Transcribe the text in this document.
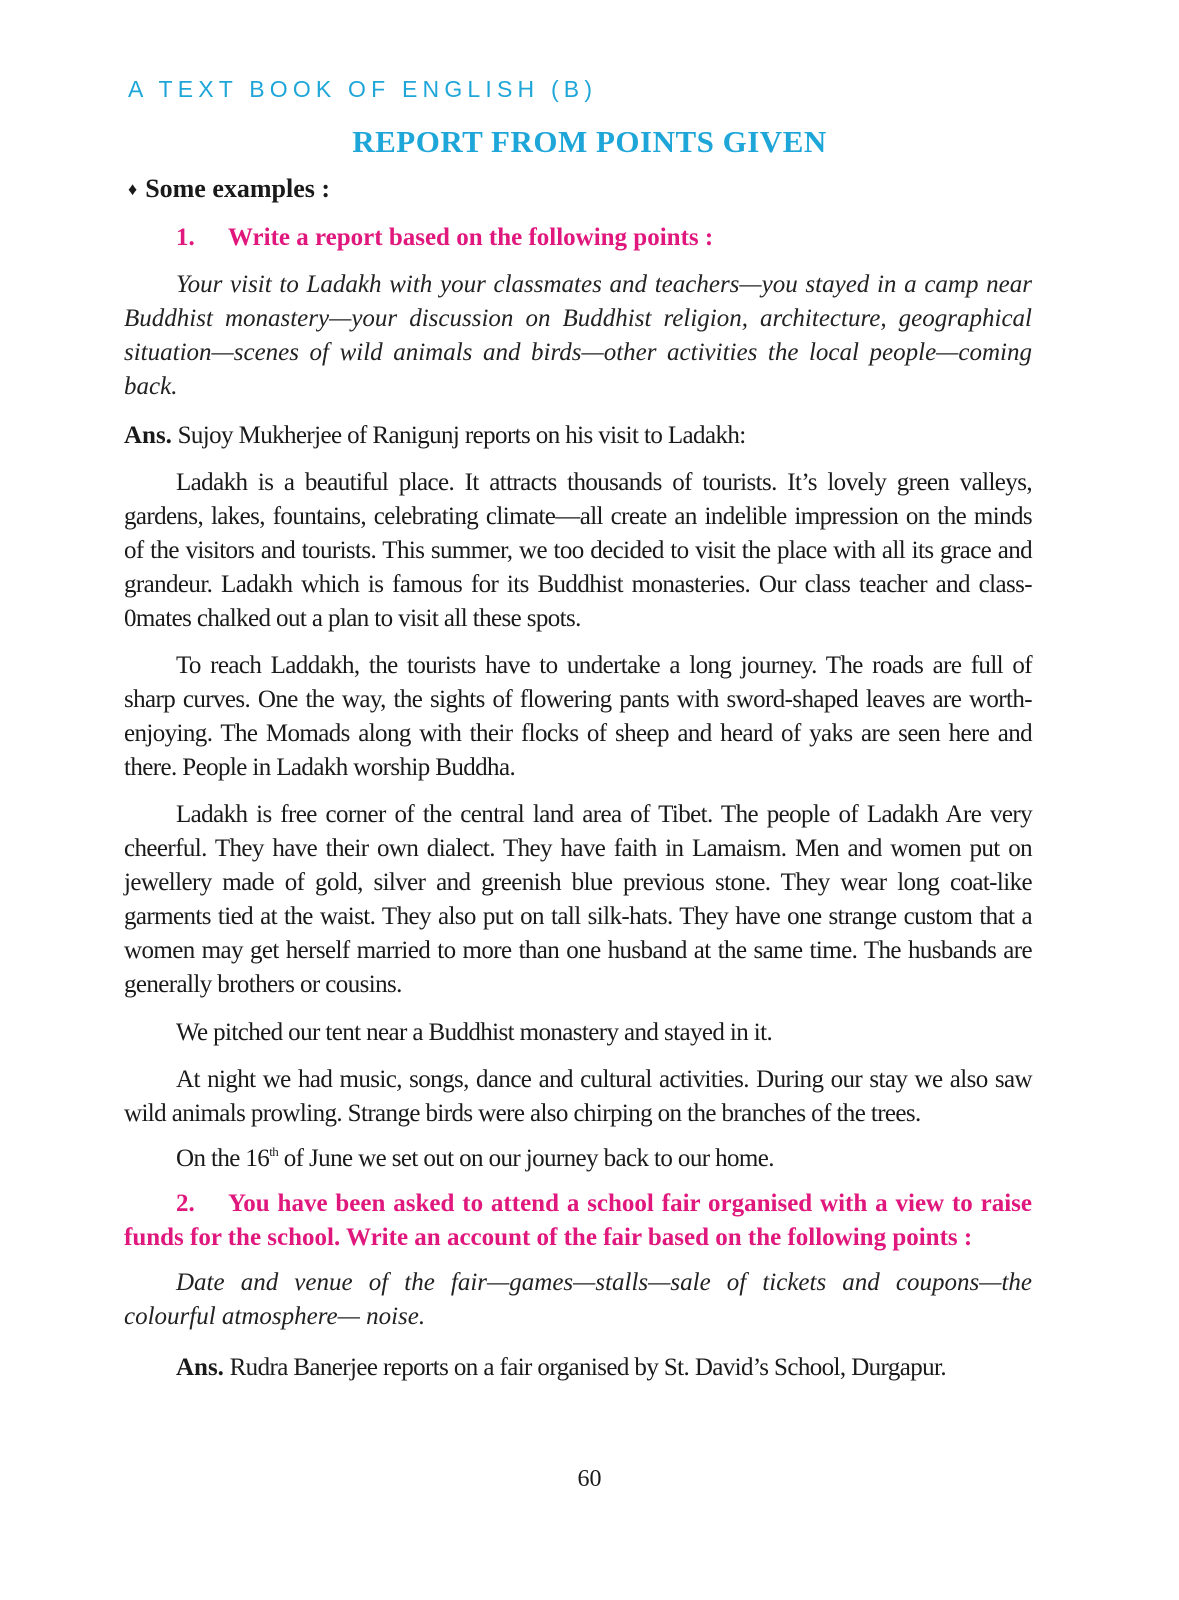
A TEXT BOOK OF ENGLISH (B)
REPORT FROM POINTS GIVEN
♦ Some examples :
1. Write a report based on the following points :
Your visit to Ladakh with your classmates and teachers—you stayed in a camp near Buddhist monastery—your discussion on Buddhist religion, architecture, geographical situation—scenes of wild animals and birds—other activities the local people—coming back.
Ans. Sujoy Mukherjee of Ranigunj reports on his visit to Ladakh:
Ladakh is a beautiful place. It attracts thousands of tourists. It’s lovely green valleys, gardens, lakes, fountains, celebrating climate—all create an indelible impression on the minds of the visitors and tourists. This summer, we too decided to visit the place with all its grace and grandeur. Ladakh which is famous for its Buddhist monasteries. Our class teacher and class-0mates chalked out a plan to visit all these spots.
To reach Laddakh, the tourists have to undertake a long journey. The roads are full of sharp curves. One the way, the sights of flowering pants with sword-shaped leaves are worth-enjoying. The Momads along with their flocks of sheep and heard of yaks are seen here and there. People in Ladakh worship Buddha.
Ladakh is free corner of the central land area of Tibet. The people of Ladakh Are very cheerful. They have their own dialect. They have faith in Lamaism. Men and women put on jewellery made of gold, silver and greenish blue previous stone. They wear long coat-like garments tied at the waist. They also put on tall silk-hats. They have one strange custom that a women may get herself married to more than one husband at the same time. The husbands are generally brothers or cousins.
We pitched our tent near a Buddhist monastery and stayed in it.
At night we had music, songs, dance and cultural activities. During our stay we also saw wild animals prowling. Strange birds were also chirping on the branches of the trees.
On the 16th of June we set out on our journey back to our home.
2. You have been asked to attend a school fair organised with a view to raise funds for the school. Write an account of the fair based on the following points :
Date and venue of the fair—games—stalls—sale of tickets and coupons—the colourful atmosphere— noise.
Ans. Rudra Banerjee reports on a fair organised by St. David’s School, Durgapur.
60
